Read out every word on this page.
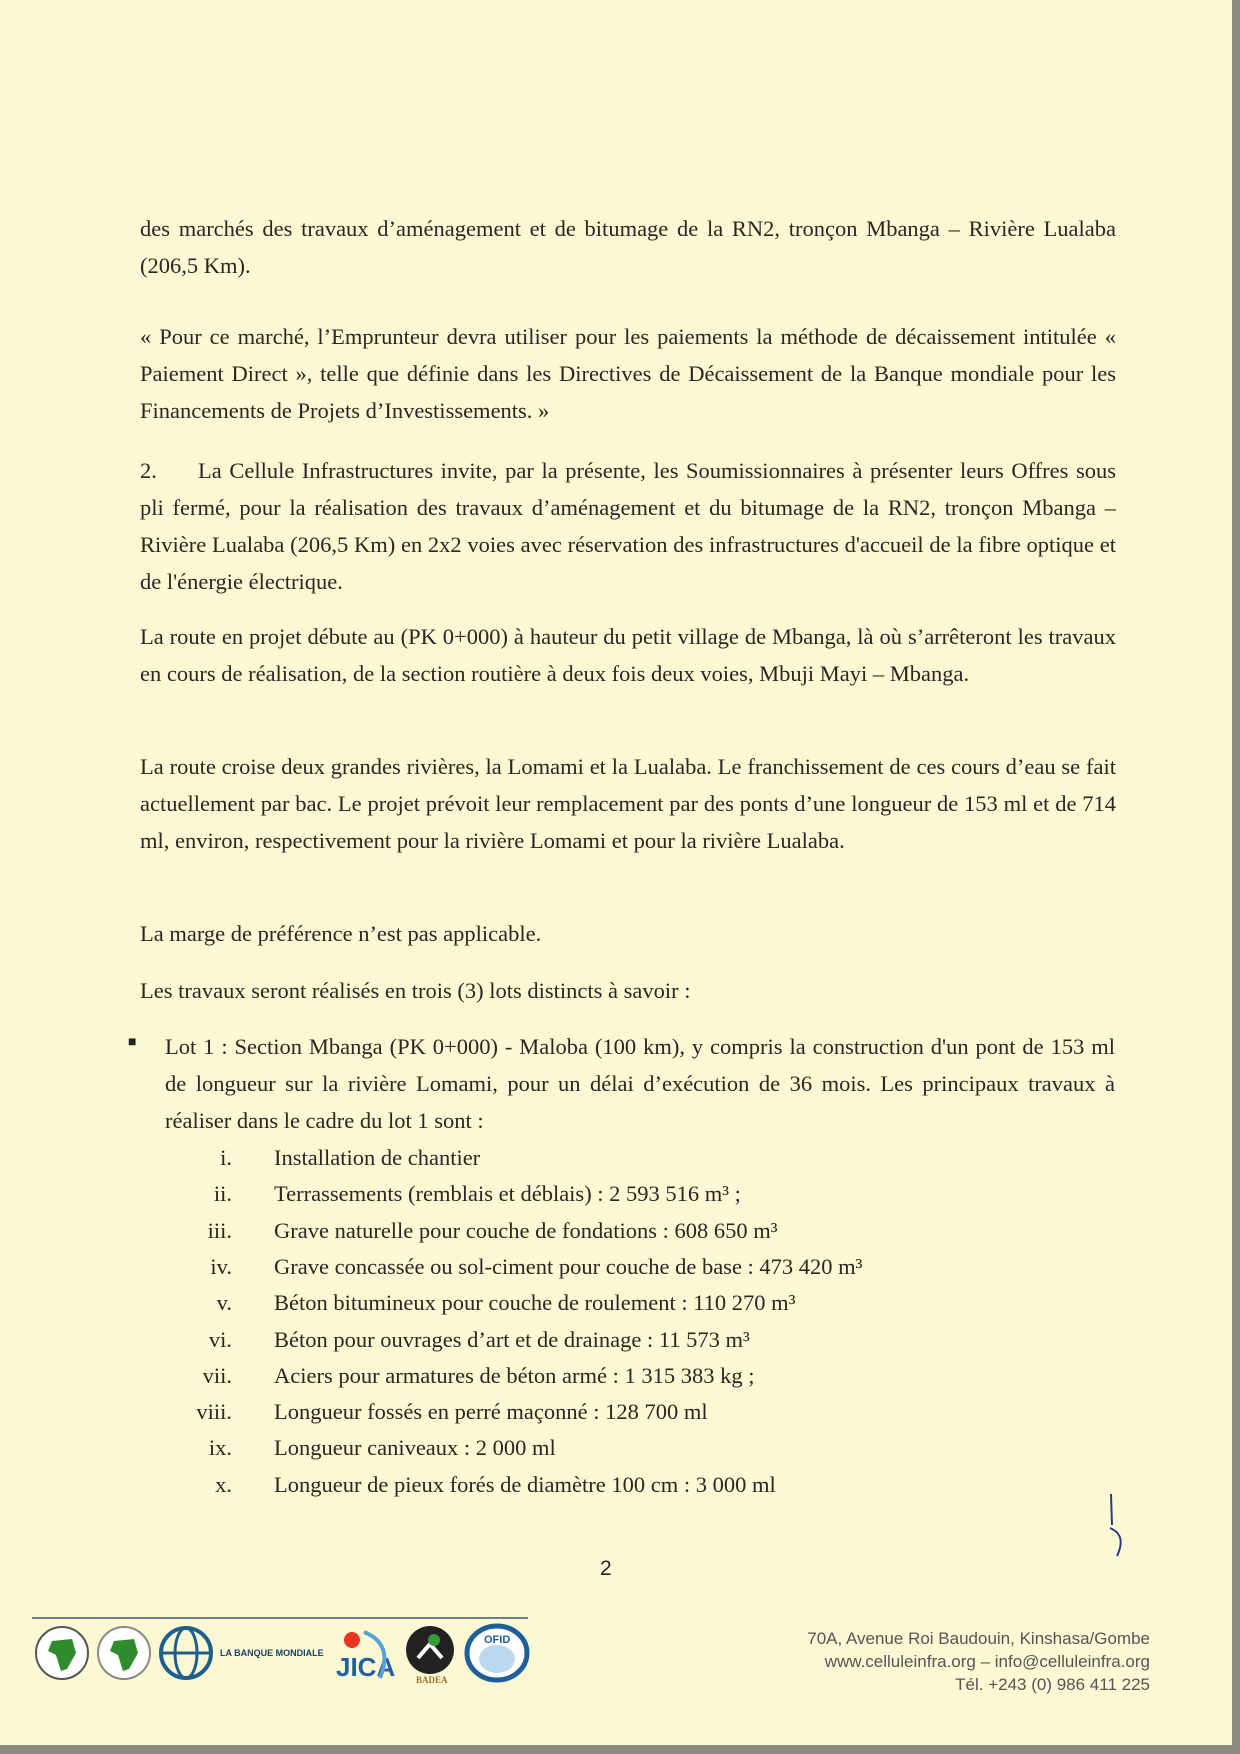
des marchés des travaux d’aménagement et de bitumage de la RN2, tronçon Mbanga – Rivière Lualaba (206,5 Km).

« Pour ce marché, l’Emprunteur devra utiliser pour les paiements la méthode de décaissement intitulée « Paiement Direct », telle que définie dans les Directives de Décaissement de la Banque mondiale pour les Financements de Projets d’Investissements. »

2. La Cellule Infrastructures invite, par la présente, les Soumissionnaires à présenter leurs Offres sous pli fermé, pour la réalisation des travaux d’aménagement et du bitumage de la RN2, tronçon Mbanga – Rivière Lualaba (206,5 Km) en 2x2 voies avec réservation des infrastructures d'accueil de la fibre optique et de l'énergie électrique.

La route en projet débute au (PK 0+000) à hauteur du petit village de Mbanga, là où s’arrêteront les travaux en cours de réalisation, de la section routière à deux fois deux voies, Mbuji Mayi – Mbanga.

La route croise deux grandes rivières, la Lomami et la Lualaba. Le franchissement de ces cours d’eau se fait actuellement par bac. Le projet prévoit leur remplacement par des ponts d’une longueur de 153 ml et de 714 ml, environ, respectivement pour la rivière Lomami et pour la rivière Lualaba.

La marge de préférence n’est pas applicable.

Les travaux seront réalisés en trois (3) lots distincts à savoir :

■ Lot 1 : Section Mbanga (PK 0+000) - Maloba (100 km), y compris la construction d'un pont de 153 ml de longueur sur la rivière Lomami, pour un délai d’exécution de 36 mois. Les principaux travaux à réaliser dans le cadre du lot 1 sont :

i. Installation de chantier
ii. Terrassements (remblais et déblais) : 2 593 516 m³ ;
iii. Grave naturelle pour couche de fondations : 608 650 m³
iv. Grave concassée ou sol-ciment pour couche de base : 473 420 m³
v. Béton bitumineux pour couche de roulement : 110 270 m³
vi. Béton pour ouvrages d’art et de drainage : 11 573 m³
vii. Aciers pour armatures de béton armé : 1 315 383 kg ;
viii. Longueur fossés en perré maçonné : 128 700 ml
ix. Longueur caniveaux : 2 000 ml
x. Longueur de pieux forés de diamètre 100 cm : 3 000 ml
2
LA BANQUE MONDIALE JICA BADEA
OFID	70A, Avenue Roi Baudouin, Kinshasa/Gombe
www.celluleinfra.org – info@celluleinfra.org
Tél. +243 (0) 986 411 225
